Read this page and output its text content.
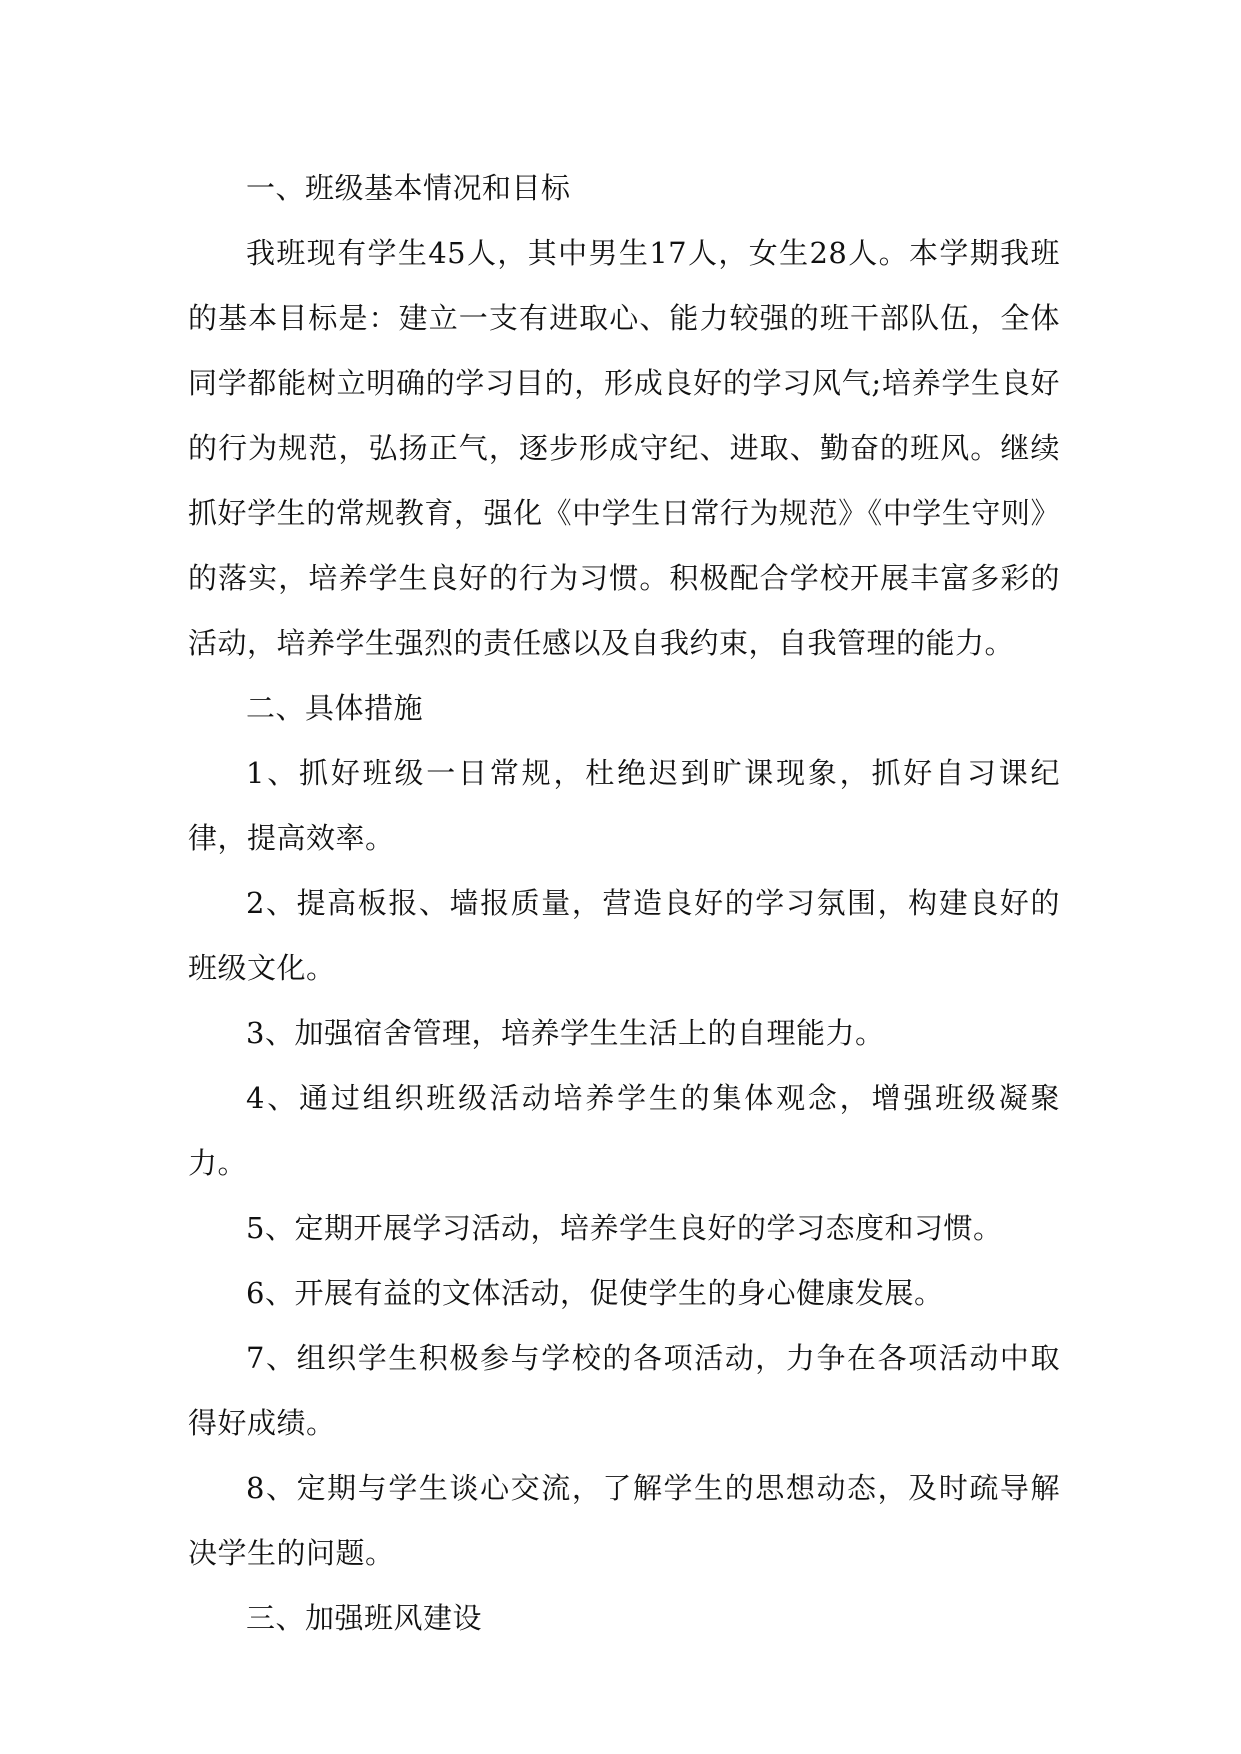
一、班级基本情况和目标

我班现有学生45人，其中男生17人，女生28人。本学期我班的基本目标是：建立一支有进取心、能力较强的班干部队伍，全体同学都能树立明确的学习目的，形成良好的学习风气;培养学生良好的行为规范，弘扬正气，逐步形成守纪、进取、勤奋的班风。继续抓好学生的常规教育，强化《中学生日常行为规范》《中学生守则》的落实，培养学生良好的行为习惯。积极配合学校开展丰富多彩的活动，培养学生强烈的责任感以及自我约束，自我管理的能力。

二、具体措施

1、抓好班级一日常规，杜绝迟到旷课现象，抓好自习课纪律，提高效率。

2、提高板报、墙报质量，营造良好的学习氛围，构建良好的班级文化。

3、加强宿舍管理，培养学生生活上的自理能力。

4、通过组织班级活动培养学生的集体观念，增强班级凝聚力。

5、定期开展学习活动，培养学生良好的学习态度和习惯。

6、开展有益的文体活动，促使学生的身心健康发展。

7、组织学生积极参与学校的各项活动，力争在各项活动中取得好成绩。

8、定期与学生谈心交流，了解学生的思想动态，及时疏导解决学生的问题。

三、加强班风建设
